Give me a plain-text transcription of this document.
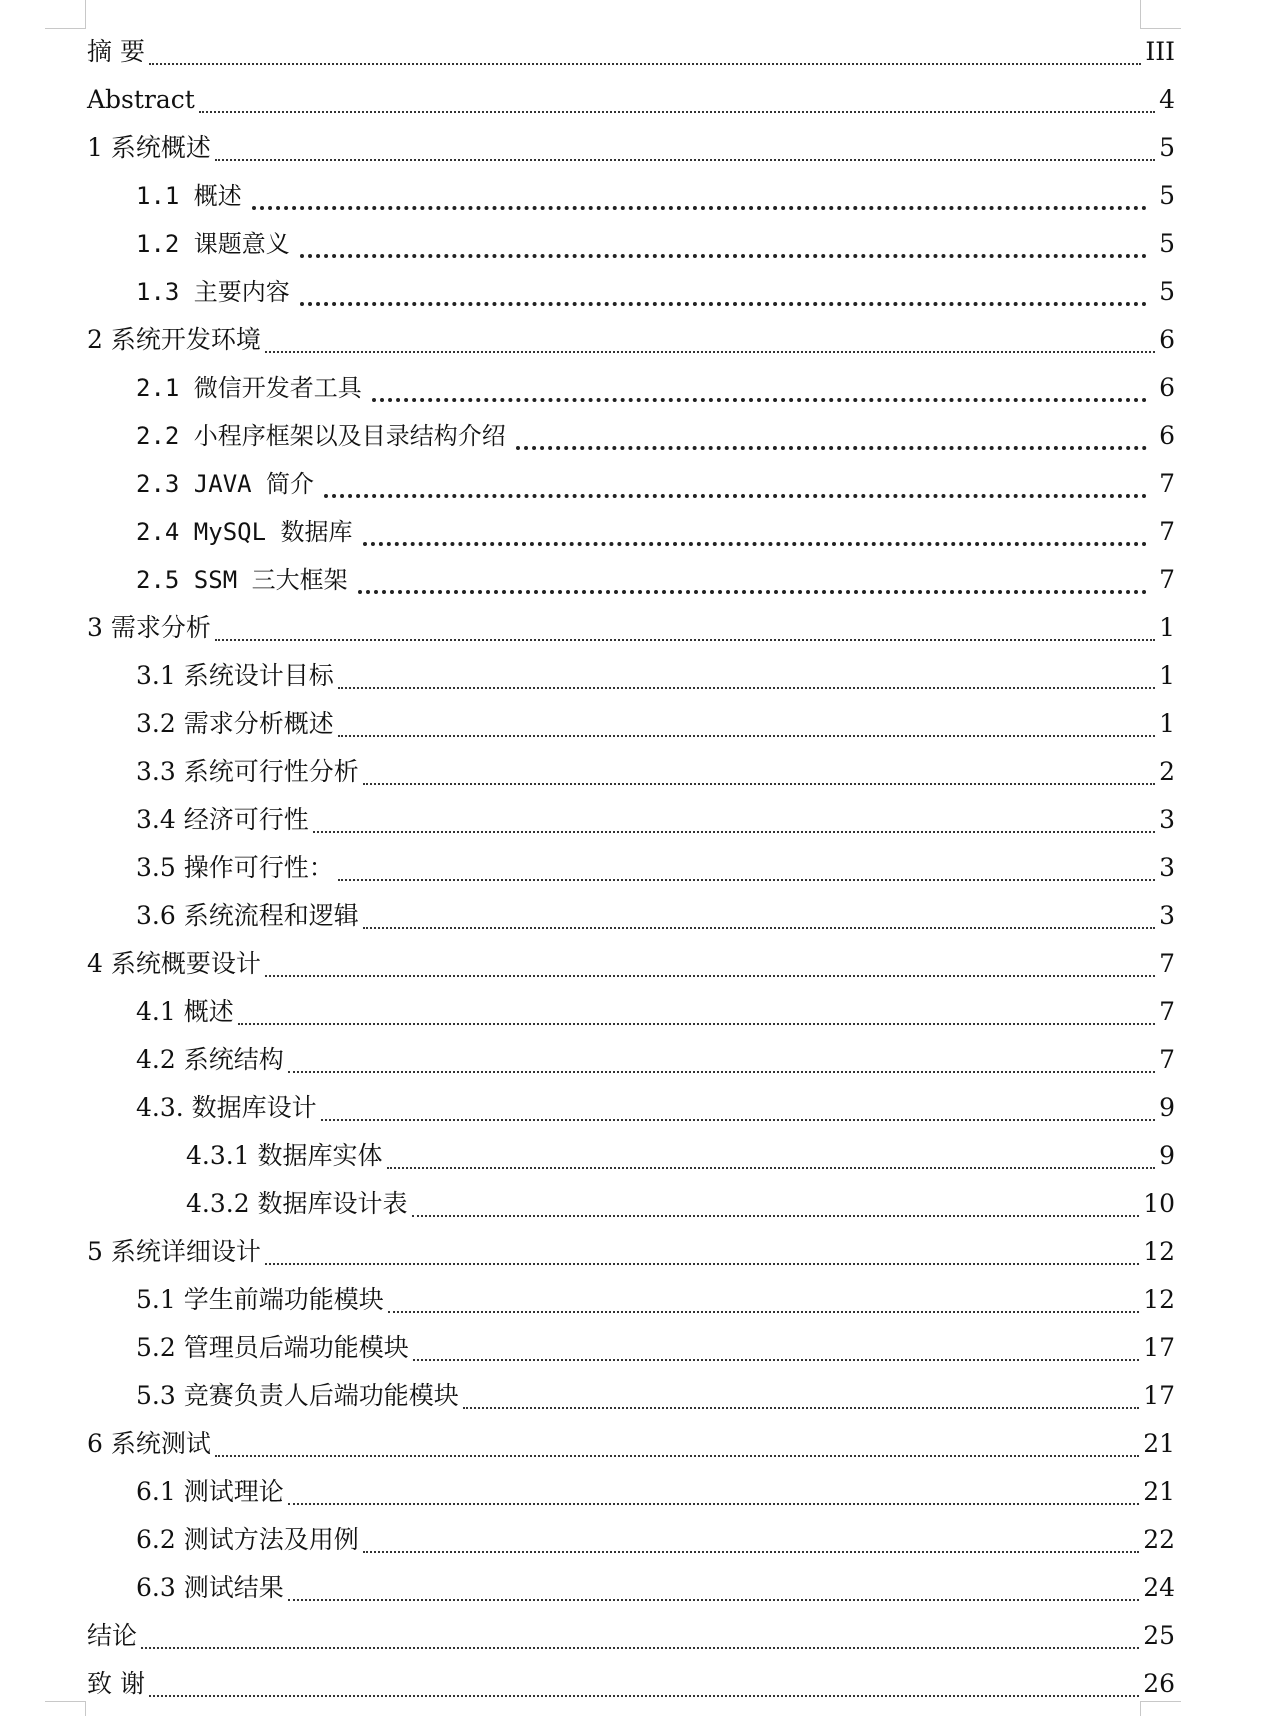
摘 要	III
Abstract	4
1 系统概述	5
1.1 概述	5
1.2 课题意义	5
1.3 主要内容	5
2 系统开发环境	6
2.1 微信开发者工具	6
2.2 小程序框架以及目录结构介绍	6
2.3 JAVA 简介	7
2.4 MySQL 数据库	7
2.5 SSM 三大框架	7
3 需求分析	1
3.1 系统设计目标	1
3.2 需求分析概述	1
3.3 系统可行性分析	2
3.4 经济可行性	3
3.5 操作可行性：	3
3.6 系统流程和逻辑	3
4 系统概要设计	7
4.1 概述	7
4.2 系统结构	7
4.3. 数据库设计	9
4.3.1 数据库实体	9
4.3.2 数据库设计表	10
5 系统详细设计	12
5.1 学生前端功能模块	12
5.2 管理员后端功能模块	17
5.3 竞赛负责人后端功能模块	17
6 系统测试	21
6.1 测试理论	21
6.2 测试方法及用例	22
6.3 测试结果	24
结论	25
致 谢	26
